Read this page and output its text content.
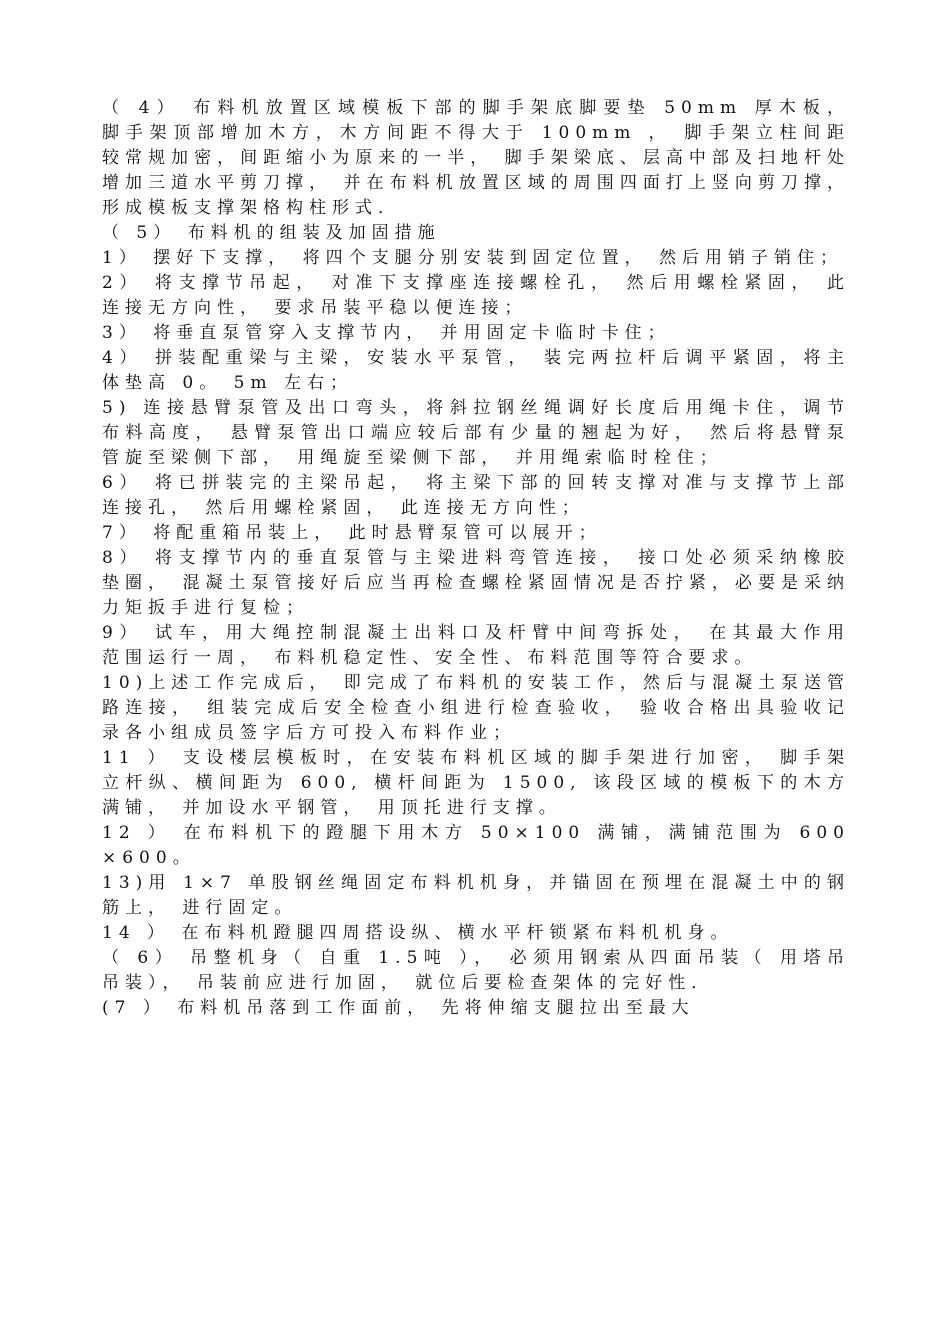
（ 4） 布料机放置区域模板下部的脚手架底脚要垫 50mm 厚木板， 脚手架顶部增加木方，木方间距不得大于 100mm ， 脚手架立柱间距较常规加密，间距缩小为原来的一半， 脚手架梁底、层高中部及扫地杆处增加三道水平剪刀撑， 并在布料机放置区域的周围四面打上竖向剪刀撑， 形成模板支撑架格构柱形式．

（ 5） 布料机的组装及加固措施

1） 摆好下支撑， 将四个支腿分别安装到固定位置， 然后用销子销住；

2） 将支撑节吊起， 对准下支撑座连接螺栓孔， 然后用螺栓紧固， 此连接无方向性， 要求吊装平稳以便连接；

3） 将垂直泵管穿入支撑节内， 并用固定卡临时卡住；

4） 拼装配重梁与主梁，安装水平泵管， 装完两拉杆后调平紧固，将主体垫高 0。 5m 左右；

5) 连接悬臂泵管及出口弯头，将斜拉钢丝绳调好长度后用绳卡住，调节布料高度， 悬臂泵管出口端应较后部有少量的翘起为好， 然后将悬臂泵管旋至梁侧下部， 用绳旋至梁侧下部， 并用绳索临时栓住；

6） 将已拼装完的主梁吊起， 将主梁下部的回转支撑对准与支撑节上部连接孔， 然后用螺栓紧固， 此连接无方向性；

7） 将配重箱吊装上， 此时悬臂泵管可以展开；

8） 将支撑节内的垂直泵管与主梁进料弯管连接， 接口处必须采纳橡胶垫圈， 混凝土泵管接好后应当再检查螺栓紧固情况是否拧紧，必要是采纳力矩扳手进行复检；

9） 试车，用大绳控制混凝土出料口及杆臂中间弯拆处， 在其最大作用范围运行一周， 布料机稳定性、安全性、布料范围等符合要求。

10)上述工作完成后， 即完成了布料机的安装工作，然后与混凝土泵送管路连接， 组装完成后安全检查小组进行检查验收， 验收合格出具验收记录各小组成员签字后方可投入布料作业；

11 ） 支设楼层模板时，在安装布料机区域的脚手架进行加密， 脚手架立杆纵、横间距为 600, 横杆间距为 1500, 该段区域的模板下的木方满铺， 并加设水平钢管， 用顶托进行支撑。

12 ） 在布料机下的蹬腿下用木方 50×100 满铺，满铺范围为 600×600。

13)用 1×7 单股钢丝绳固定布料机机身，并锚固在预埋在混凝土中的钢筋上， 进行固定。

14 ） 在布料机蹬腿四周搭设纵、横水平杆锁紧布料机机身。

（ 6） 吊整机身（ 自重 1.5吨 ）， 必须用钢索从四面吊装（ 用塔吊吊装）， 吊装前应进行加固， 就位后要检查架体的完好性．

(7 ） 布料机吊落到工作面前， 先将伸缩支腿拉出至最大
